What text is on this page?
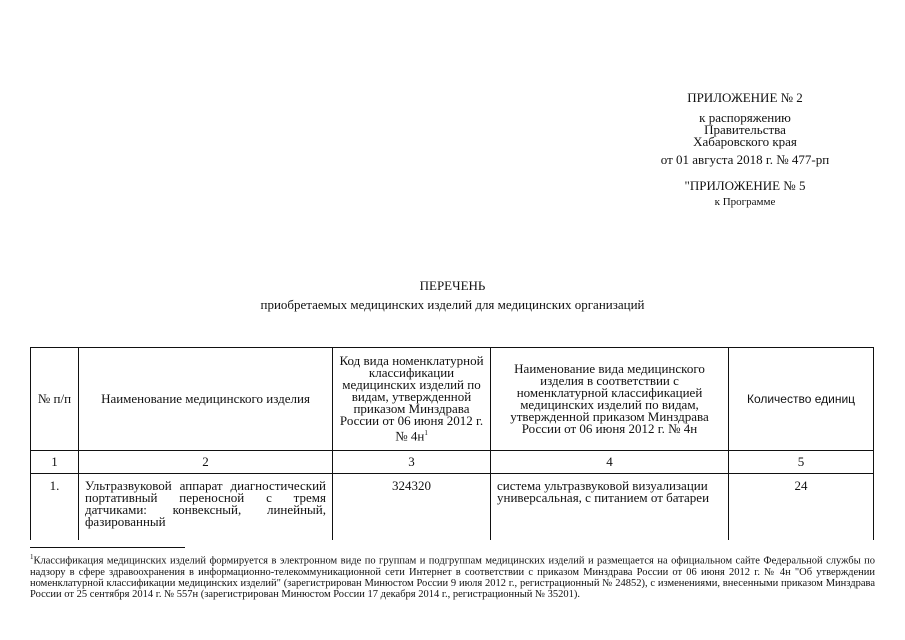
ПРИЛОЖЕНИЕ № 2
к распоряжению
Правительства
Хабаровского края
от 01 августа 2018 г. № 477-рп
"ПРИЛОЖЕНИЕ № 5
к Программе
ПЕРЕЧЕНЬ
приобретаемых медицинских изделий для медицинских организаций
№ п/п	Наименование медицинского изделия	Код вида номенклатурной классификации медицинских изделий по видам, утвержденной приказом Минздрава России от 06 июня 2012 г. № $4н^1$	Наименование вида медицинского изделия в соответствии с номенклатурной классификацией медицинских изделий по видам, утвержденной приказом Минздрава России от 06 июня 2012 г. № 4н	Количество единиц
1	2	3	4	5
1.	Ультразвуковой аппарат диагностический портативный переносной с тремя датчиками: конвексный, линейный, фазированный	324320	система ультразвуковой визуализации универсальная, с питанием от батареи	24
$^1$Классификация медицинских изделий формируется в электронном виде по группам и подгруппам медицинских изделий и размещается на официальном сайте Федеральной службы по надзору в сфере здравоохранения в информационно-телекоммуникационной сети Интернет в соответствии с приказом Минздрава России от 06 июня 2012 г. № 4н "Об утверждении номенклатурной классификации медицинских изделий" (зарегистрирован Минюстом России 9 июля 2012 г., регистрационный № 24852), с изменениями, внесенными приказом Минздрава России от 25 сентября 2014 г. № 557н (зарегистрирован Минюстом России 17 декабря 2014 г., регистрационный № 35201).
